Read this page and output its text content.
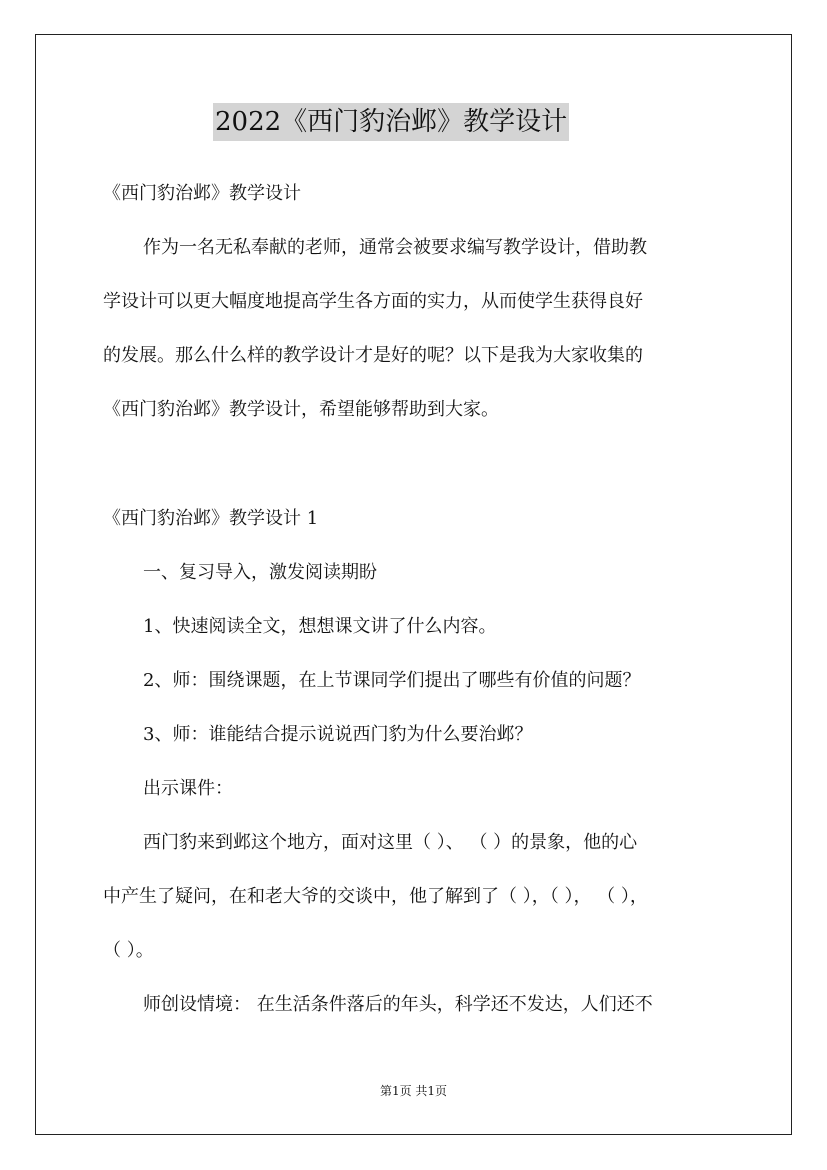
2022《西门豹治邺》教学设计
《西门豹治邺》教学设计
作为一名无私奉献的老师，通常会被要求编写教学设计，借助教
学设计可以更大幅度地提高学生各方面的实力，从而使学生获得良好
的发展。那么什么样的教学设计才是好的呢？以下是我为大家收集的
《西门豹治邺》教学设计，希望能够帮助到大家。
《西门豹治邺》教学设计 1
一、复习导入，激发阅读期盼
1、快速阅读全文，想想课文讲了什么内容。
2、师：围绕课题，在上节课同学们提出了哪些有价值的问题？
3、师：谁能结合提示说说西门豹为什么要治邺？
出示课件：
西门豹来到邺这个地方，面对这里（ ）、 （ ）的景象，他的心
中产生了疑问，在和老大爷的交谈中，他了解到了（ ），（ ）， （ ），
（ ）。
师创设情境： 在生活条件落后的年头，科学还不发达，人们还不
第1页 共1页
